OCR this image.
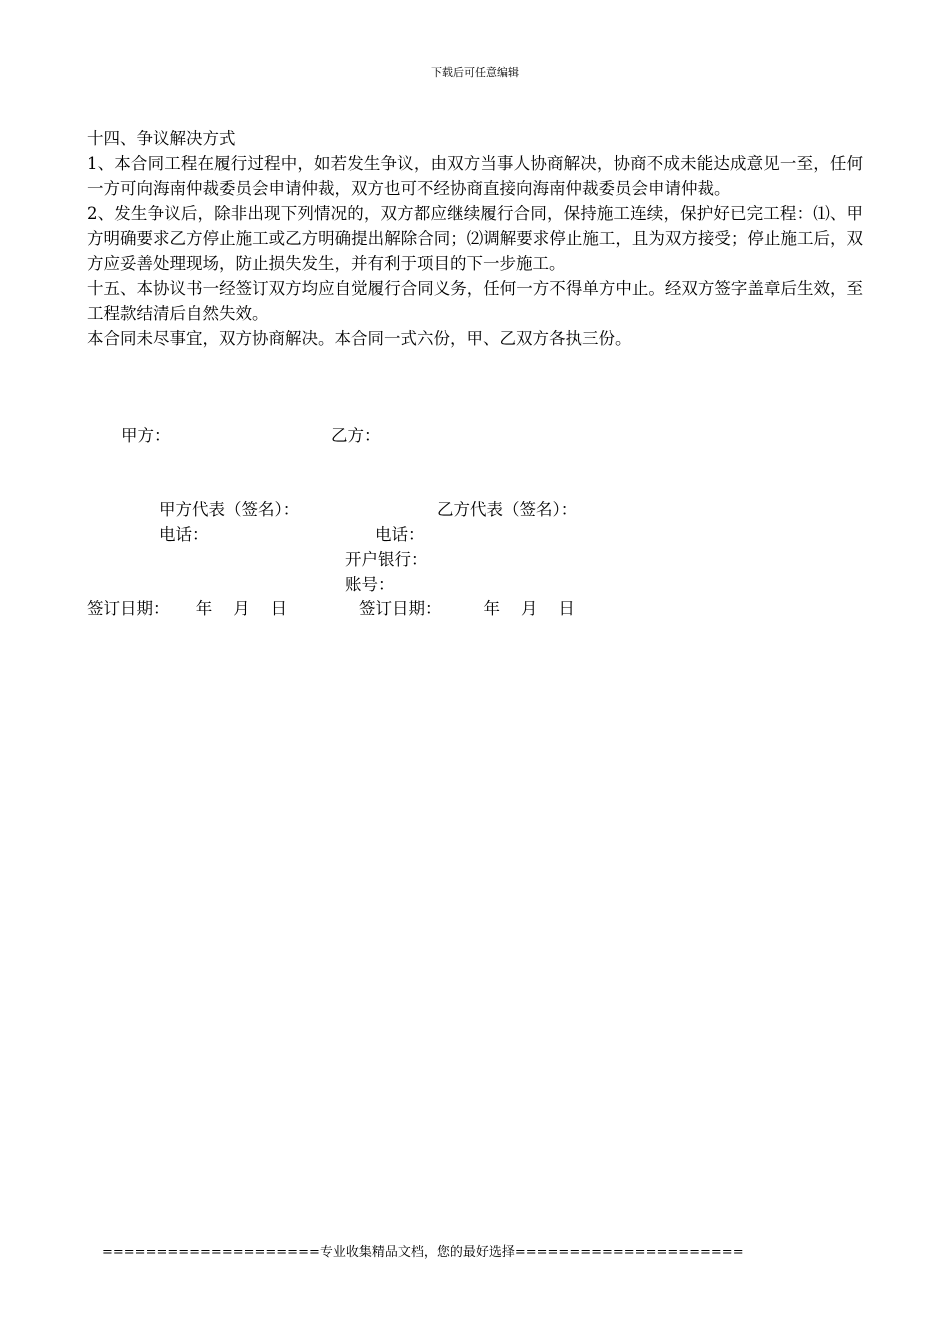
下载后可任意编辑

十四、争议解决方式

1、本合同工程在履行过程中，如若发生争议，由双方当事人协商解决，协商不成未能达成意见一至，任何一方可向海南仲裁委员会申请仲裁，双方也可不经协商直接向海南仲裁委员会申请仲裁。

2、发生争议后，除非出现下列情况的，双方都应继续履行合同，保持施工连续，保护好已完工程：⑴、甲方明确要求乙方停止施工或乙方明确提出解除合同；⑵调解要求停止施工，且为双方接受；停止施工后，双方应妥善处理现场，防止损失发生，并有利于项目的下一步施工。

十五、本协议书一经签订双方均应自觉履行合同义务，任何一方不得单方中止。经双方签字盖章后生效，至工程款结清后自然失效。

本合同未尽事宜，双方协商解决。本合同一式六份，甲、乙双方各执三份。

甲方：	乙方：
甲方代表（签名）：	乙方代表（签名）：
电话：	电话：
开户银行：
账号：
签订日期：     年    月    日	签订日期：        年    月    日
====================专业收集精品文档，您的最好选择=====================
